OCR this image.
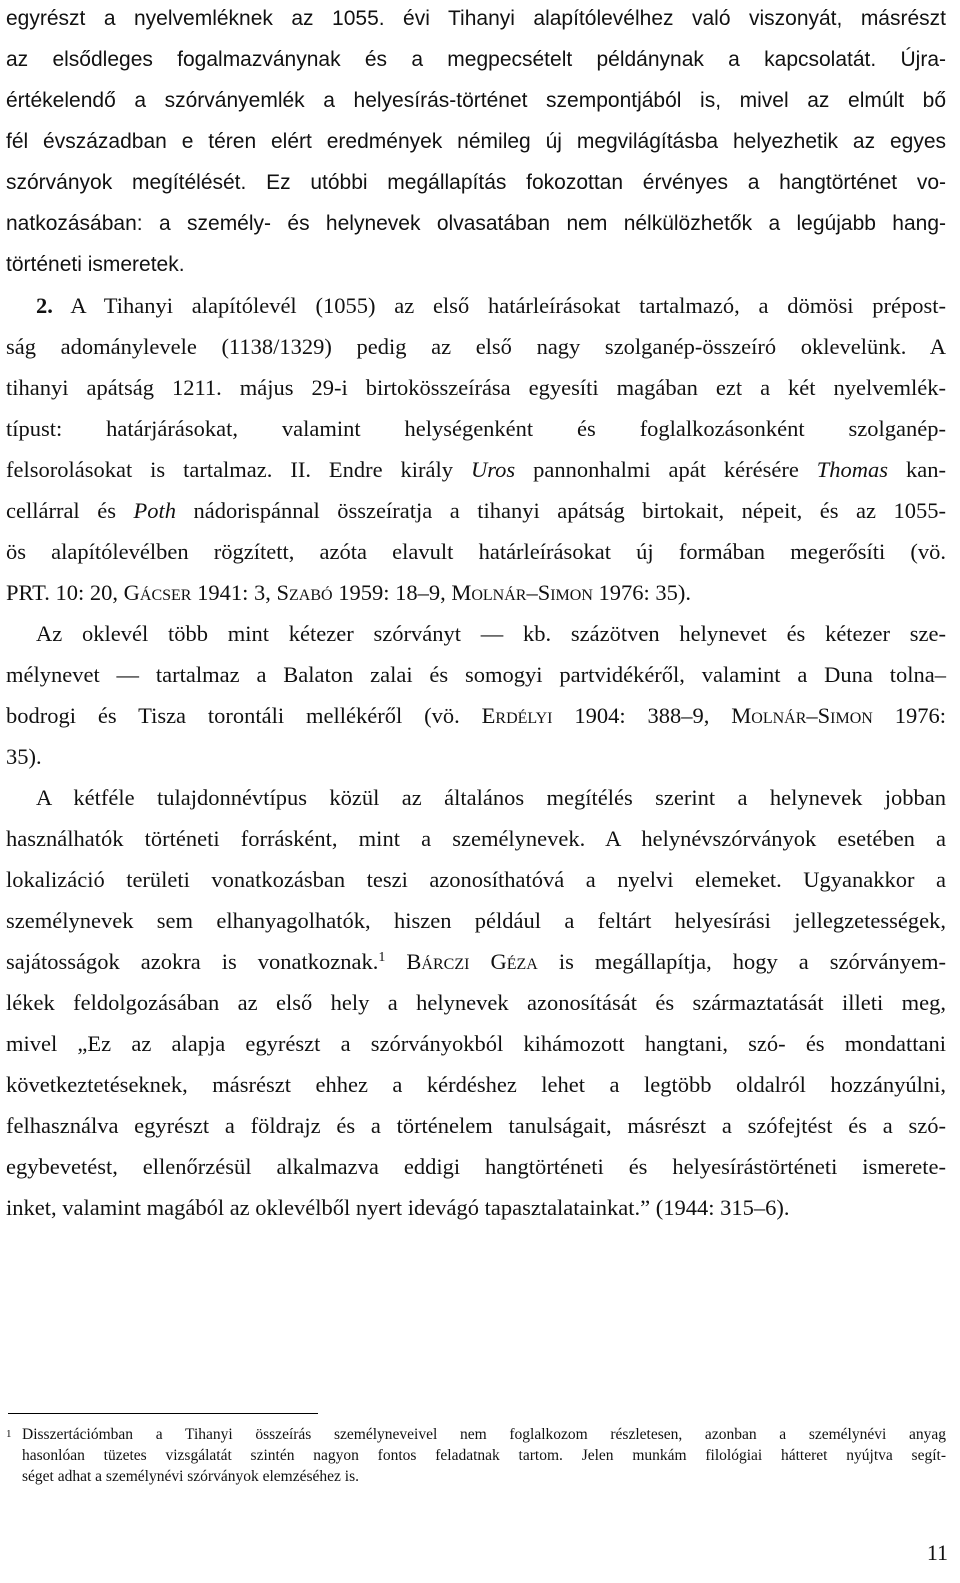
egyrészt a nyelvemléknek az 1055. évi Tihanyi alapítólevélhez való viszonyát, másrészt
az elsődleges fogalmazványnak és a megpecsételt példánynak a kapcsolatát. Újra-
értékelendő a szórványemlék a helyesírás-történet szempontjából is, mivel az elmúlt bő
fél évszázadban e téren elért eredmények némileg új megvilágításba helyezhetik az egyes
szórványok megítélését. Ez utóbbi megállapítás fokozottan érvényes a hangtörténet vo-
natkozásában: a személy- és helynevek olvasatában nem nélkülözhetők a legújabb hang-
történeti ismeretek.
2. A Tihanyi alapítólevél (1055) az első határleírásokat tartalmazó, a dömösi prépost-
ság adománylevele (1138/1329) pedig az első nagy szolganép-összeíró oklevelünk. A
tihanyi apátság 1211. május 29-i birtokösszeírása egyesíti magában ezt a két nyelvemlék-
típust: határjárásokat, valamint helységenként és foglalkozásonként szolganép-
felsorolásokat is tartalmaz. II. Endre király Uros pannonhalmi apát kérésére Thomas kan-
cellárral és Poth nádorispánnal összeíratja a tihanyi apátság birtokait, népeit, és az 1055-
ös alapítólevélben rögzített, azóta elavult határleírásokat új formában megerősíti (vö.
PRT. 10: 20, Gácser 1941: 3, Szabó 1959: 18–9, Molnár–Simon 1976: 35).
Az oklevél több mint kétezer szórványt — kb. százötven helynevet és kétezer sze-
mélynevet — tartalmaz a Balaton zalai és somogyi partvidékéről, valamint a Duna tolna–
bodrogi és Tisza torontáli mellékéről (vö. Erdélyi 1904: 388–9, Molnár–Simon 1976:
35).
A kétféle tulajdonnévtípus közül az általános megítélés szerint a helynevek jobban
használhatók történeti forrásként, mint a személynevek. A helynévszórványok esetében a
lokalizáció területi vonatkozásban teszi azonosíthatóvá a nyelvi elemeket. Ugyanakkor a
személynevek sem elhanyagolhatók, hiszen például a feltárt helyesírási jellegzetességek,
sajátosságok azokra is vonatkoznak.$^1$ Bárczi Géza is megállapítja, hogy a szórványem-
lékek feldolgozásában az első hely a helynevek azonosítását és származtatását illeti meg,
mivel „Ez az alapja egyrészt a szórványokból kihámozott hangtani, szó- és mondattani
következtetéseknek, másrészt ehhez a kérdéshez lehet a legtöbb oldalról hozzányúlni,
felhasználva egyrészt a földrajz és a történelem tanulságait, másrészt a szófejtést és a szó-
egybevetést, ellenőrzésül alkalmazva eddigi hangtörténeti és helyesírástörténeti ismerete-
inket, valamint magából az oklevélből nyert idevágó tapasztalatainkat.” (1944: 315–6).
1 Disszertációmban a Tihanyi összeírás személyneveivel nem foglalkozom részletesen, azonban a személynévi anyag
hasonlóan tüzetes vizsgálatát szintén nagyon fontos feladatnak tartom. Jelen munkám filológiai hátteret nyújtva segít-
séget adhat a személynévi szórványok elemzéséhez is.
11
